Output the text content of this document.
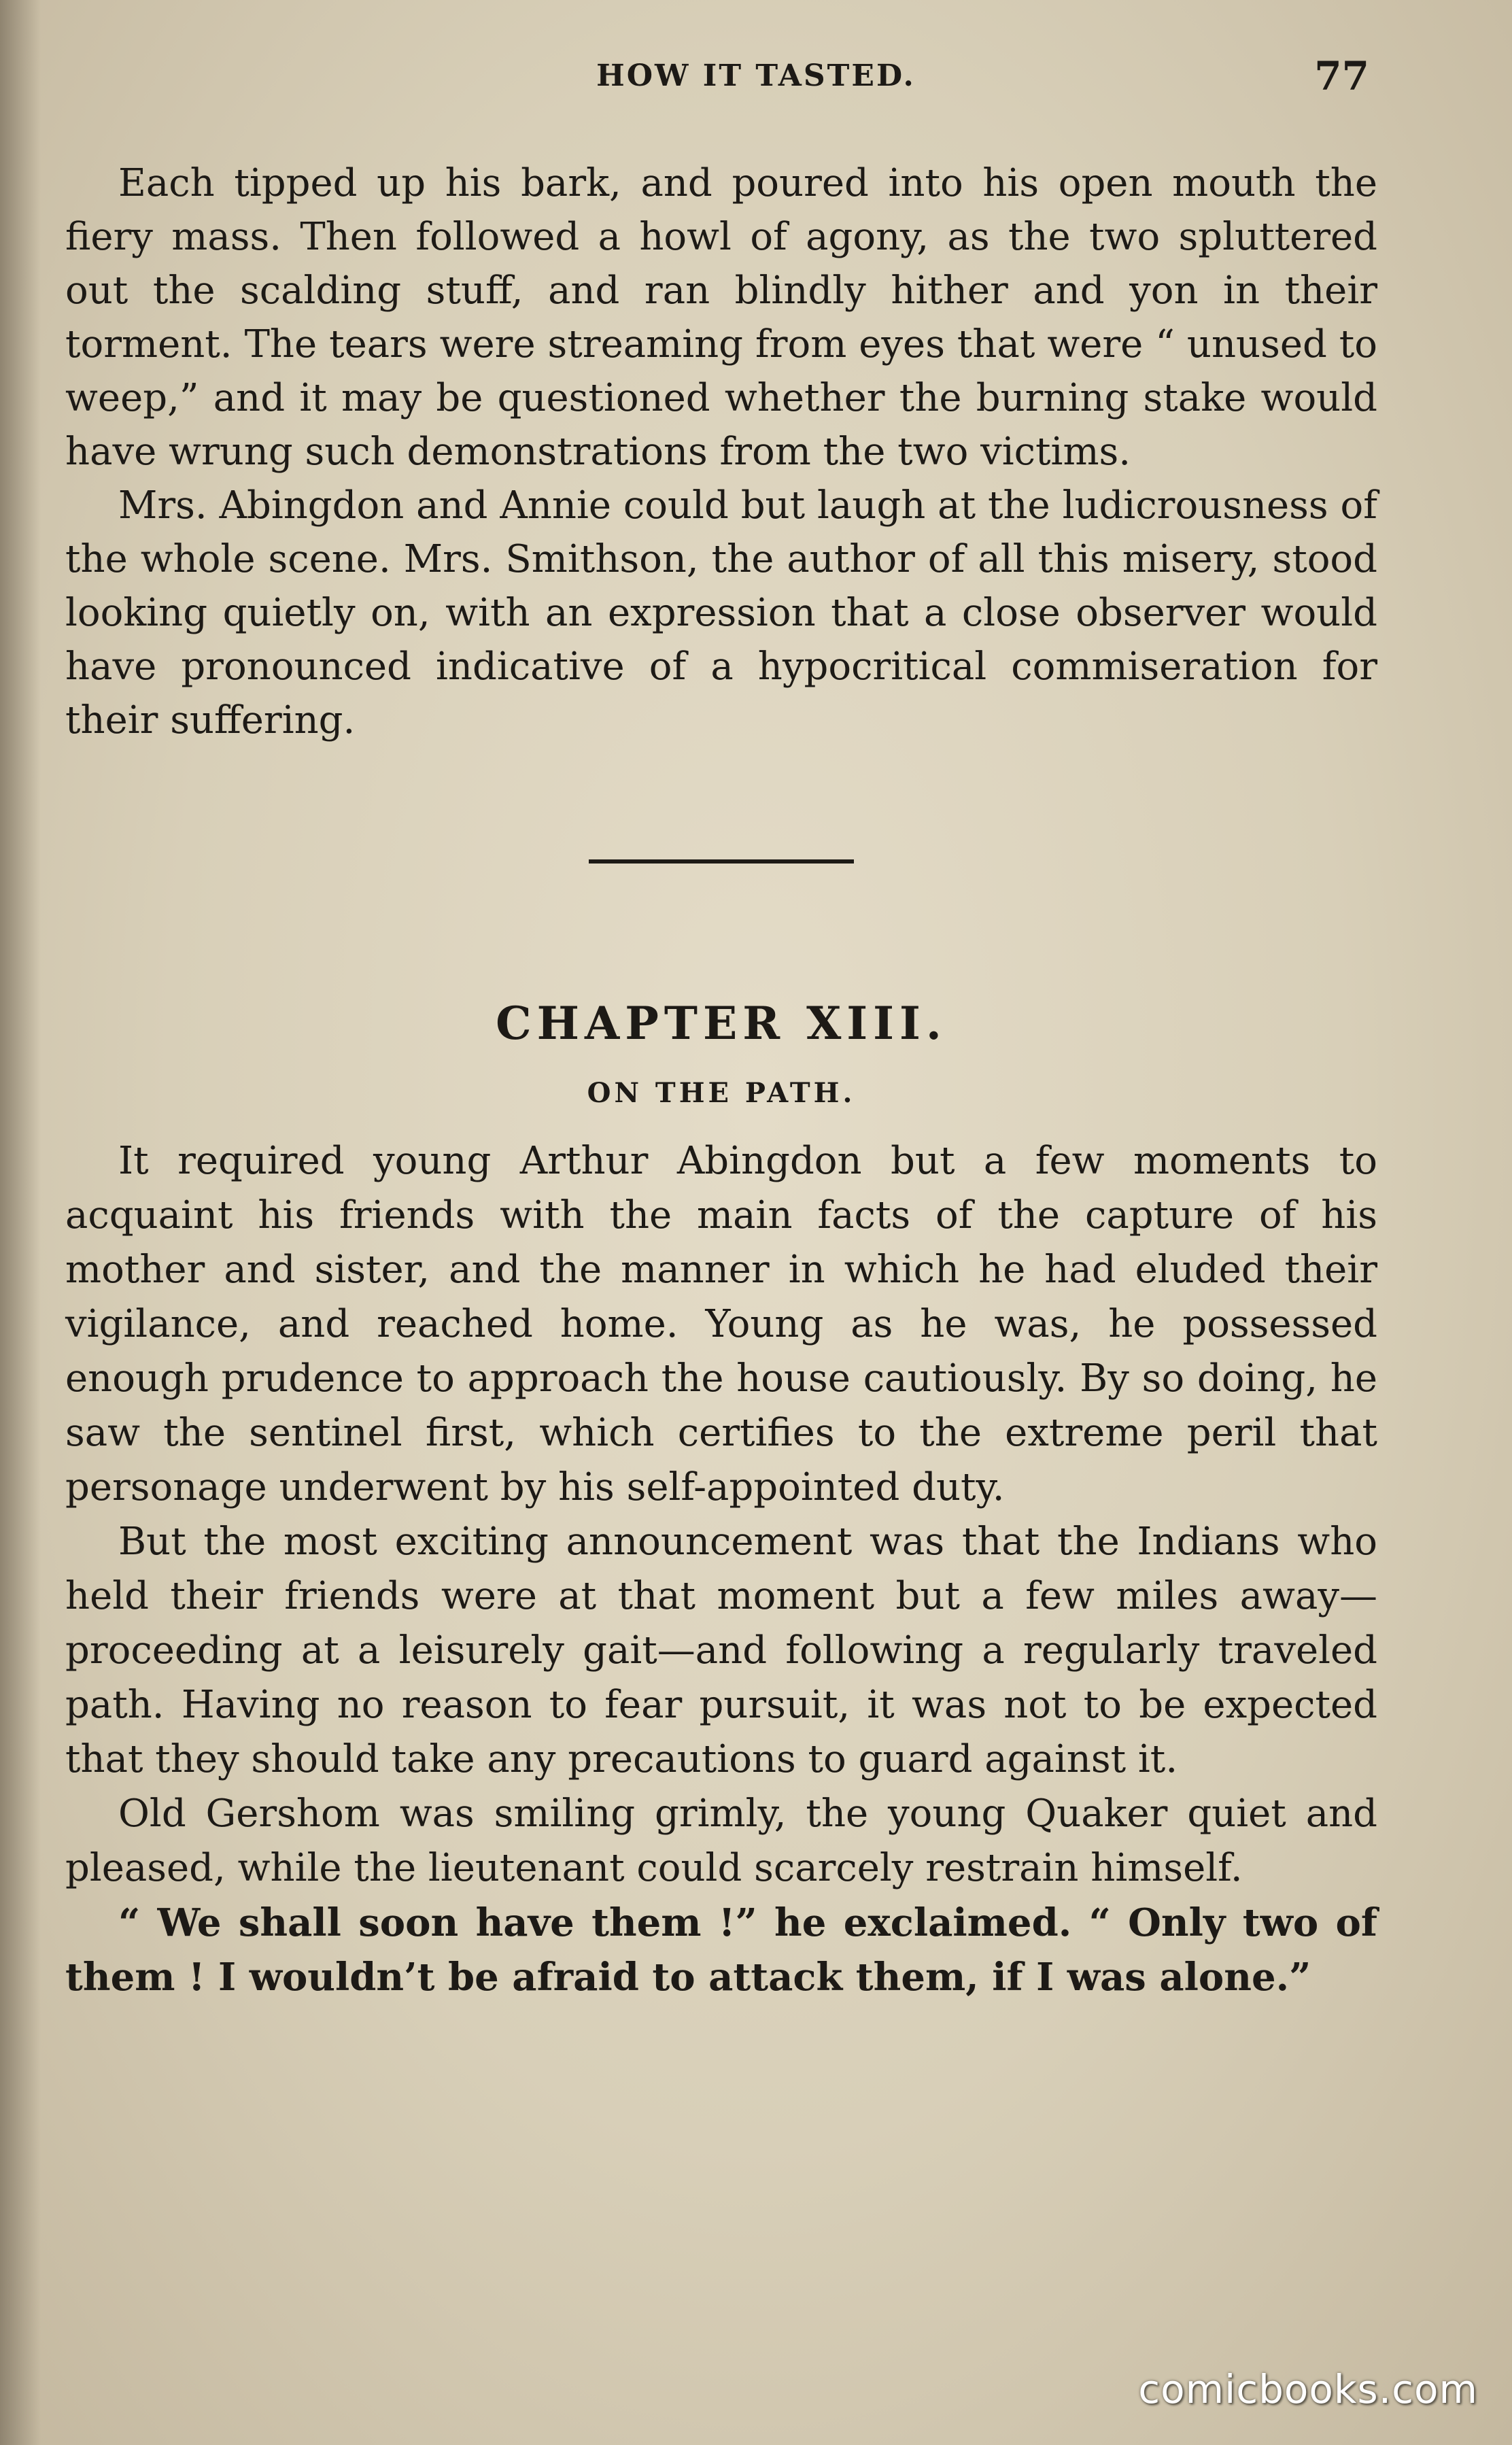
HOW IT TASTED.	77

Each tipped up his bark, and poured into his open mouth the fiery mass. Then followed a howl of agony, as the two spluttered out the scalding stuff, and ran blindly hither and yon in their torment. The tears were streaming from eyes that were “ unused to weep,” and it may be questioned whether the burning stake would have wrung such demonstrations from the two victims.

Mrs. Abingdon and Annie could but laugh at the ludicrousness of the whole scene. Mrs. Smithson, the author of all this misery, stood looking quietly on, with an expression that a close observer would have pronounced indicative of a hypocritical commiseration for their suffering.

CHAPTER XIII.
ON THE PATH.

It required young Arthur Abingdon but a few moments to acquaint his friends with the main facts of the capture of his mother and sister, and the manner in which he had eluded their vigilance, and reached home. Young as he was, he possessed enough prudence to approach the house cautiously. By so doing, he saw the sentinel first, which certifies to the extreme peril that personage underwent by his self-appointed duty.

But the most exciting announcement was that the Indians who held their friends were at that moment but a few miles away—proceeding at a leisurely gait—and following a regularly traveled path. Having no reason to fear pursuit, it was not to be expected that they should take any precautions to guard against it.

Old Gershom was smiling grimly, the young Quaker quiet and pleased, while the lieutenant could scarcely restrain himself.

“ We shall soon have them !” he exclaimed. “ Only two of them ! I wouldn’t be afraid to attack them, if I was alone.”

comicbooks.com
